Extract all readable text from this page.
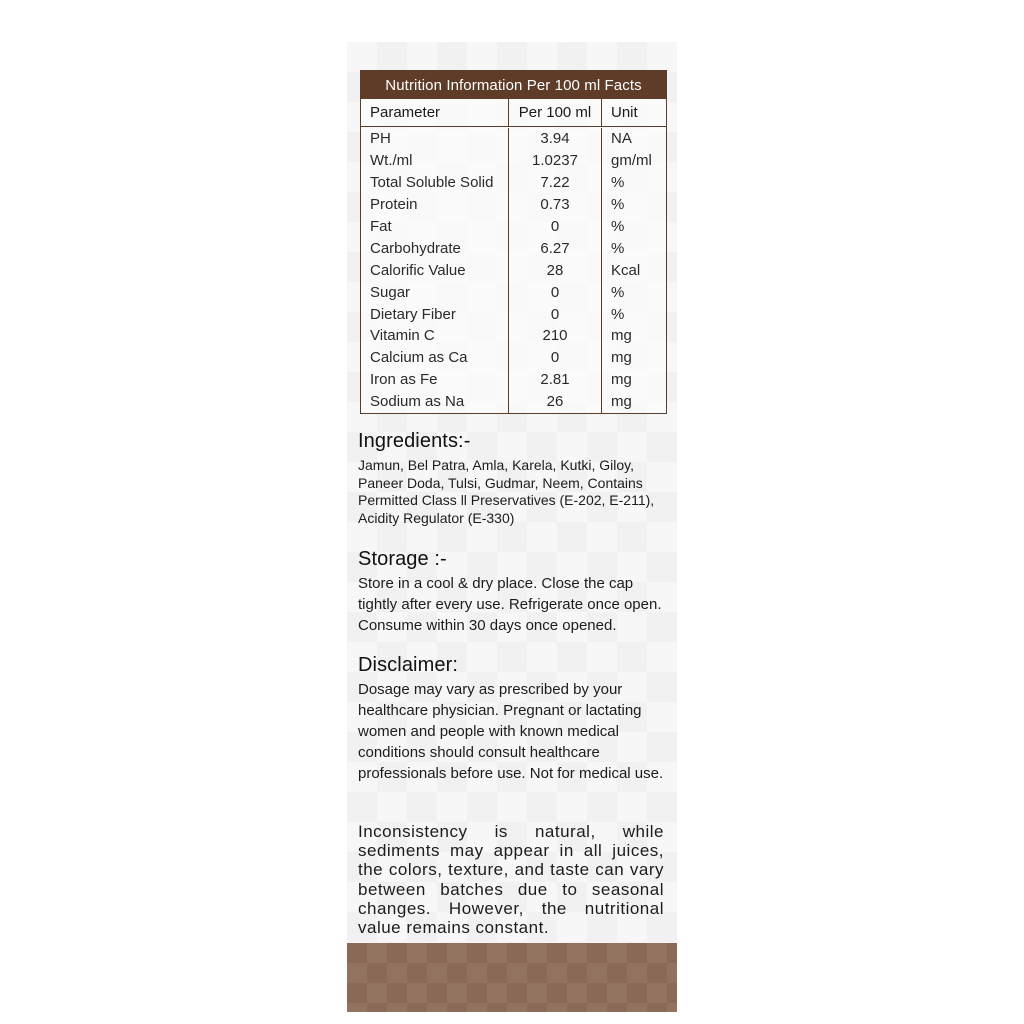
Nutrition Information Per 100 ml Facts
Parameter	Per 100 ml	Unit
PH	3.94	NA
Wt./ml	1.0237	gm/ml
Total Soluble Solid	7.22	%
Protein	0.73	%
Fat	0	%
Carbohydrate	6.27	%
Calorific Value	28	Kcal
Sugar	0	%
Dietary Fiber	0	%
Vitamin C	210	mg
Calcium as Ca	0	mg
Iron as Fe	2.81	mg
Sodium as Na	26	mg
Ingredients:-

Jamun, Bel Patra, Amla, Karela, Kutki, Giloy, Paneer Doda, Tulsi, Gudmar, Neem, Contains Permitted Class ll Preservatives (E-202, E-211), Acidity Regulator (E-330)

Storage :-

Store in a cool & dry place. Close the cap tightly after every use. Refrigerate once open. Consume within 30 days once opened.

Disclaimer:

Dosage may vary as prescribed by your healthcare physician. Pregnant or lactating women and people with known medical conditions should consult healthcare professionals before use. Not for medical use.

Inconsistency is natural, while sediments may appear in all juices, the colors, texture, and taste can vary between batches due to seasonal changes. However, the nutritional value remains constant.
